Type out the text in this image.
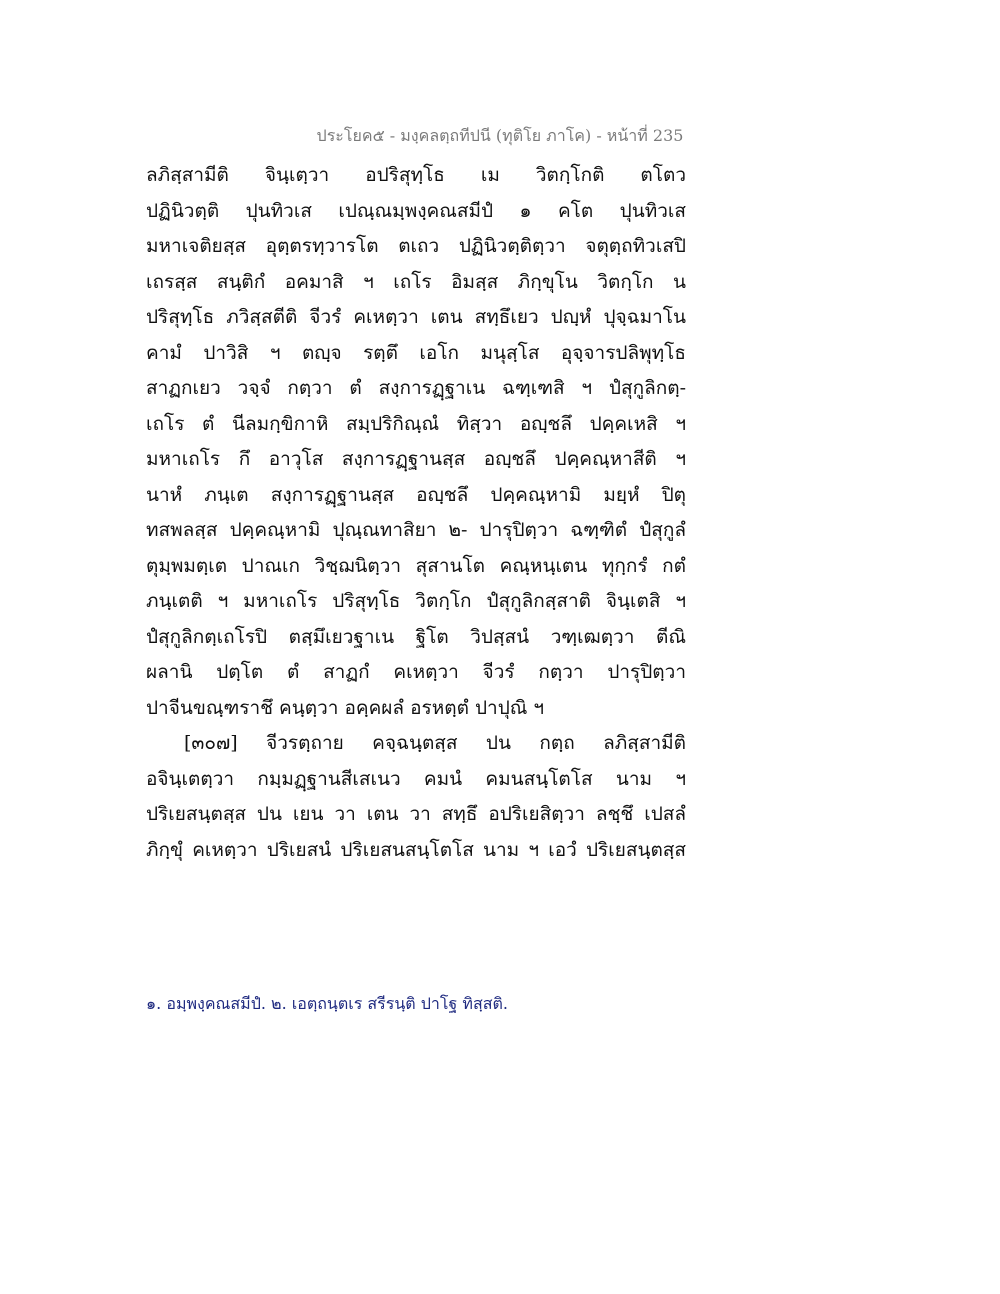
ประโยค๕ - มงฺคลตฺถทีปนี (ทุติโย ภาโค) - หน้าที่ 235
ลภิสฺสามีติ จินฺเตฺวา อปริสุทฺโธ เม วิตกฺโกติ ตโตว
ปฏินิวตฺติ ปุนทิวเส เปณฺณมฺพงฺคณสมีปํ ๑ คโต ปุนทิวเส
มหาเจติยสฺส อุตฺตรทฺวารโต ตเถว ปฏินิวตฺติตฺวา จตุตฺถทิวเสปิ
เถรสฺส สนฺติกํ อคมาสิ ฯ เถโร อิมสฺส ภิกฺขุโน วิตกฺโก น
ปริสุทฺโธ ภวิสฺสตีติ จีวรํ คเหตฺวา เตน สทฺธึเยว ปญฺหํ ปุจฺฉมาโน
คามํ ปาวิสิ ฯ ตญฺจ รตฺตึ เอโก มนุสฺโส อุจฺจารปลิพุทฺโธ
สาฏกเยว วจฺจํ กตฺวา ตํ สงฺการฏฺฐาเน ฉฑฺเฑสิ ฯ ปํสุกูลิกตฺ-
เถโร ตํ นีลมกฺขิกาหิ สมฺปริกิณฺณํ ทิสฺวา อญฺชลึ ปคฺคเหสิ ฯ
มหาเถโร กึ อาวุโส สงฺการฏฺฐานสฺส อญฺชลึ ปคฺคณฺหาสีติ ฯ
นาหํ ภนฺเต สงฺการฏฺฐานสฺส อญฺชลึ ปคฺคณฺหามิ มยฺหํ ปิตุ
ทสพลสฺส ปคฺคณฺหามิ ปุณฺณทาสิยา ๒- ปารุปิตฺวา ฉฑฺฑิตํ ปํสุกูลํ
ตุมฺพมตฺเต ปาณเก วิชฺฌนิตฺวา สุสานโต คณฺหนฺเตน ทุกฺกรํ กตํ
ภนฺเตติ ฯ มหาเถโร ปริสุทฺโธ วิตกฺโก ปํสุกูลิกสฺสาติ จินฺเตสิ ฯ
ปํสุกูลิกตฺเถโรปิ ตสฺมึเยวฐาเน ฐิโต วิปสฺสนํ วฑฺเฒตฺวา ตีณิ
ผลานิ ปตฺโต ตํ สาฏกํ คเหตฺวา จีวรํ กตฺวา ปารุปิตฺวา
ปาจีนขณฺฑราชึ คนฺตฺวา อคฺคผลํ อรหตฺตํ ปาปุณิ ฯ
[๓๐๗] จีวรตฺถาย คจฺฉนฺตสฺส ปน กตฺถ ลภิสฺสามีติ
อจินฺเตตฺวา กมฺมฏฺฐานสีเสเนว คมนํ คมนสนฺโตโส นาม ฯ
ปริเยสนฺตสฺส ปน เยน วา เตน วา สทฺธึ อปริเยสิตฺวา ลชฺชึ เปสลํ
ภิกฺขุํ คเหตฺวา ปริเยสนํ ปริเยสนสนฺโตโส นาม ฯ เอวํ ปริเยสนฺตสฺส
๑. อมฺพงฺคณสมีปํ. ๒. เอตฺถนฺตเร สรีรนฺติ ปาโฐ ทิสฺสติ.
